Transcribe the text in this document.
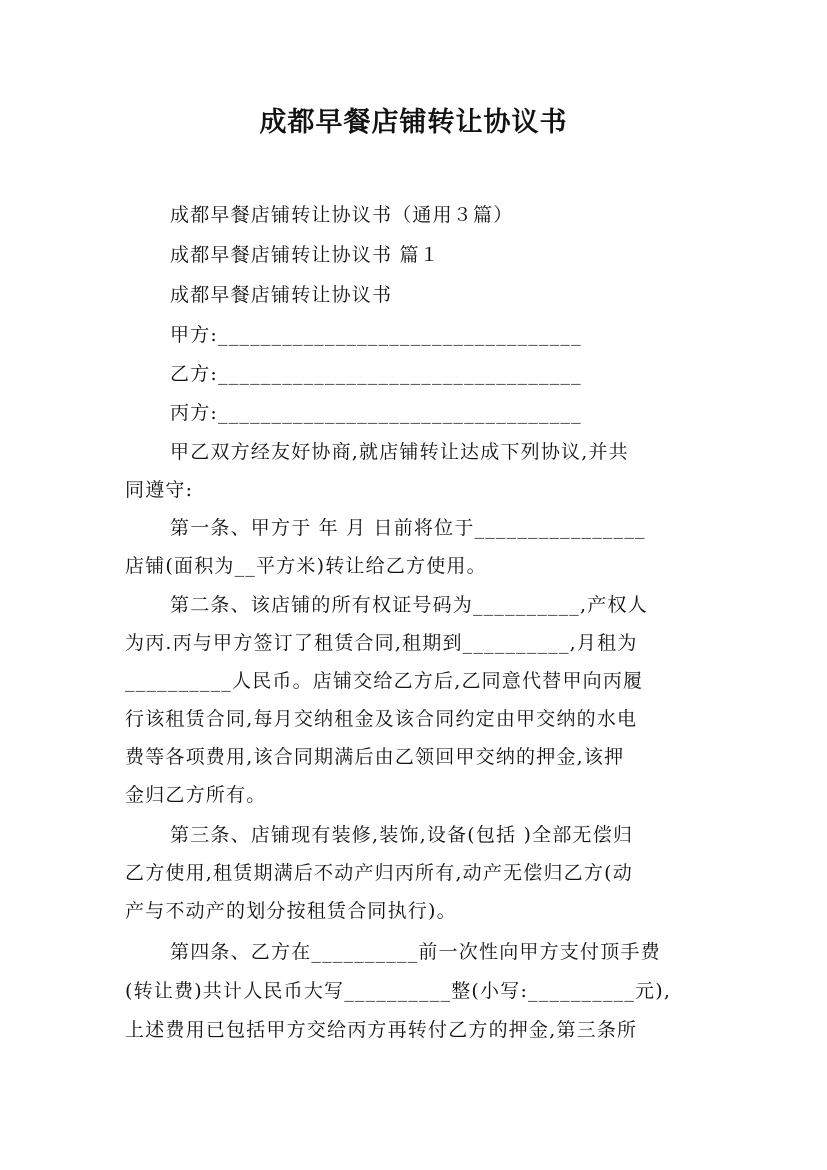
成都早餐店铺转让协议书
成都早餐店铺转让协议书（通用３篇）
成都早餐店铺转让协议书 篇１
成都早餐店铺转让协议书
甲方:__________________________________
乙方:__________________________________
丙方:__________________________________
甲乙双方经友好协商,就店铺转让达成下列协议,并共
同遵守:
第一条、甲方于 年 月 日前将位于________________
店铺(面积为__平方米)转让给乙方使用。
第二条、该店铺的所有权证号码为__________,产权人
为丙.丙与甲方签订了租赁合同,租期到__________,月租为
__________人民币。店铺交给乙方后,乙同意代替甲向丙履
行该租赁合同,每月交纳租金及该合同约定由甲交纳的水电
费等各项费用,该合同期满后由乙领回甲交纳的押金,该押
金归乙方所有。
第三条、店铺现有装修,装饰,设备(包括 )全部无偿归
乙方使用,租赁期满后不动产归丙所有,动产无偿归乙方(动
产与不动产的划分按租赁合同执行)。
第四条、乙方在__________前一次性向甲方支付顶手费
(转让费)共计人民币大写__________整(小写:__________元),
上述费用已包括甲方交给丙方再转付乙方的押金,第三条所
